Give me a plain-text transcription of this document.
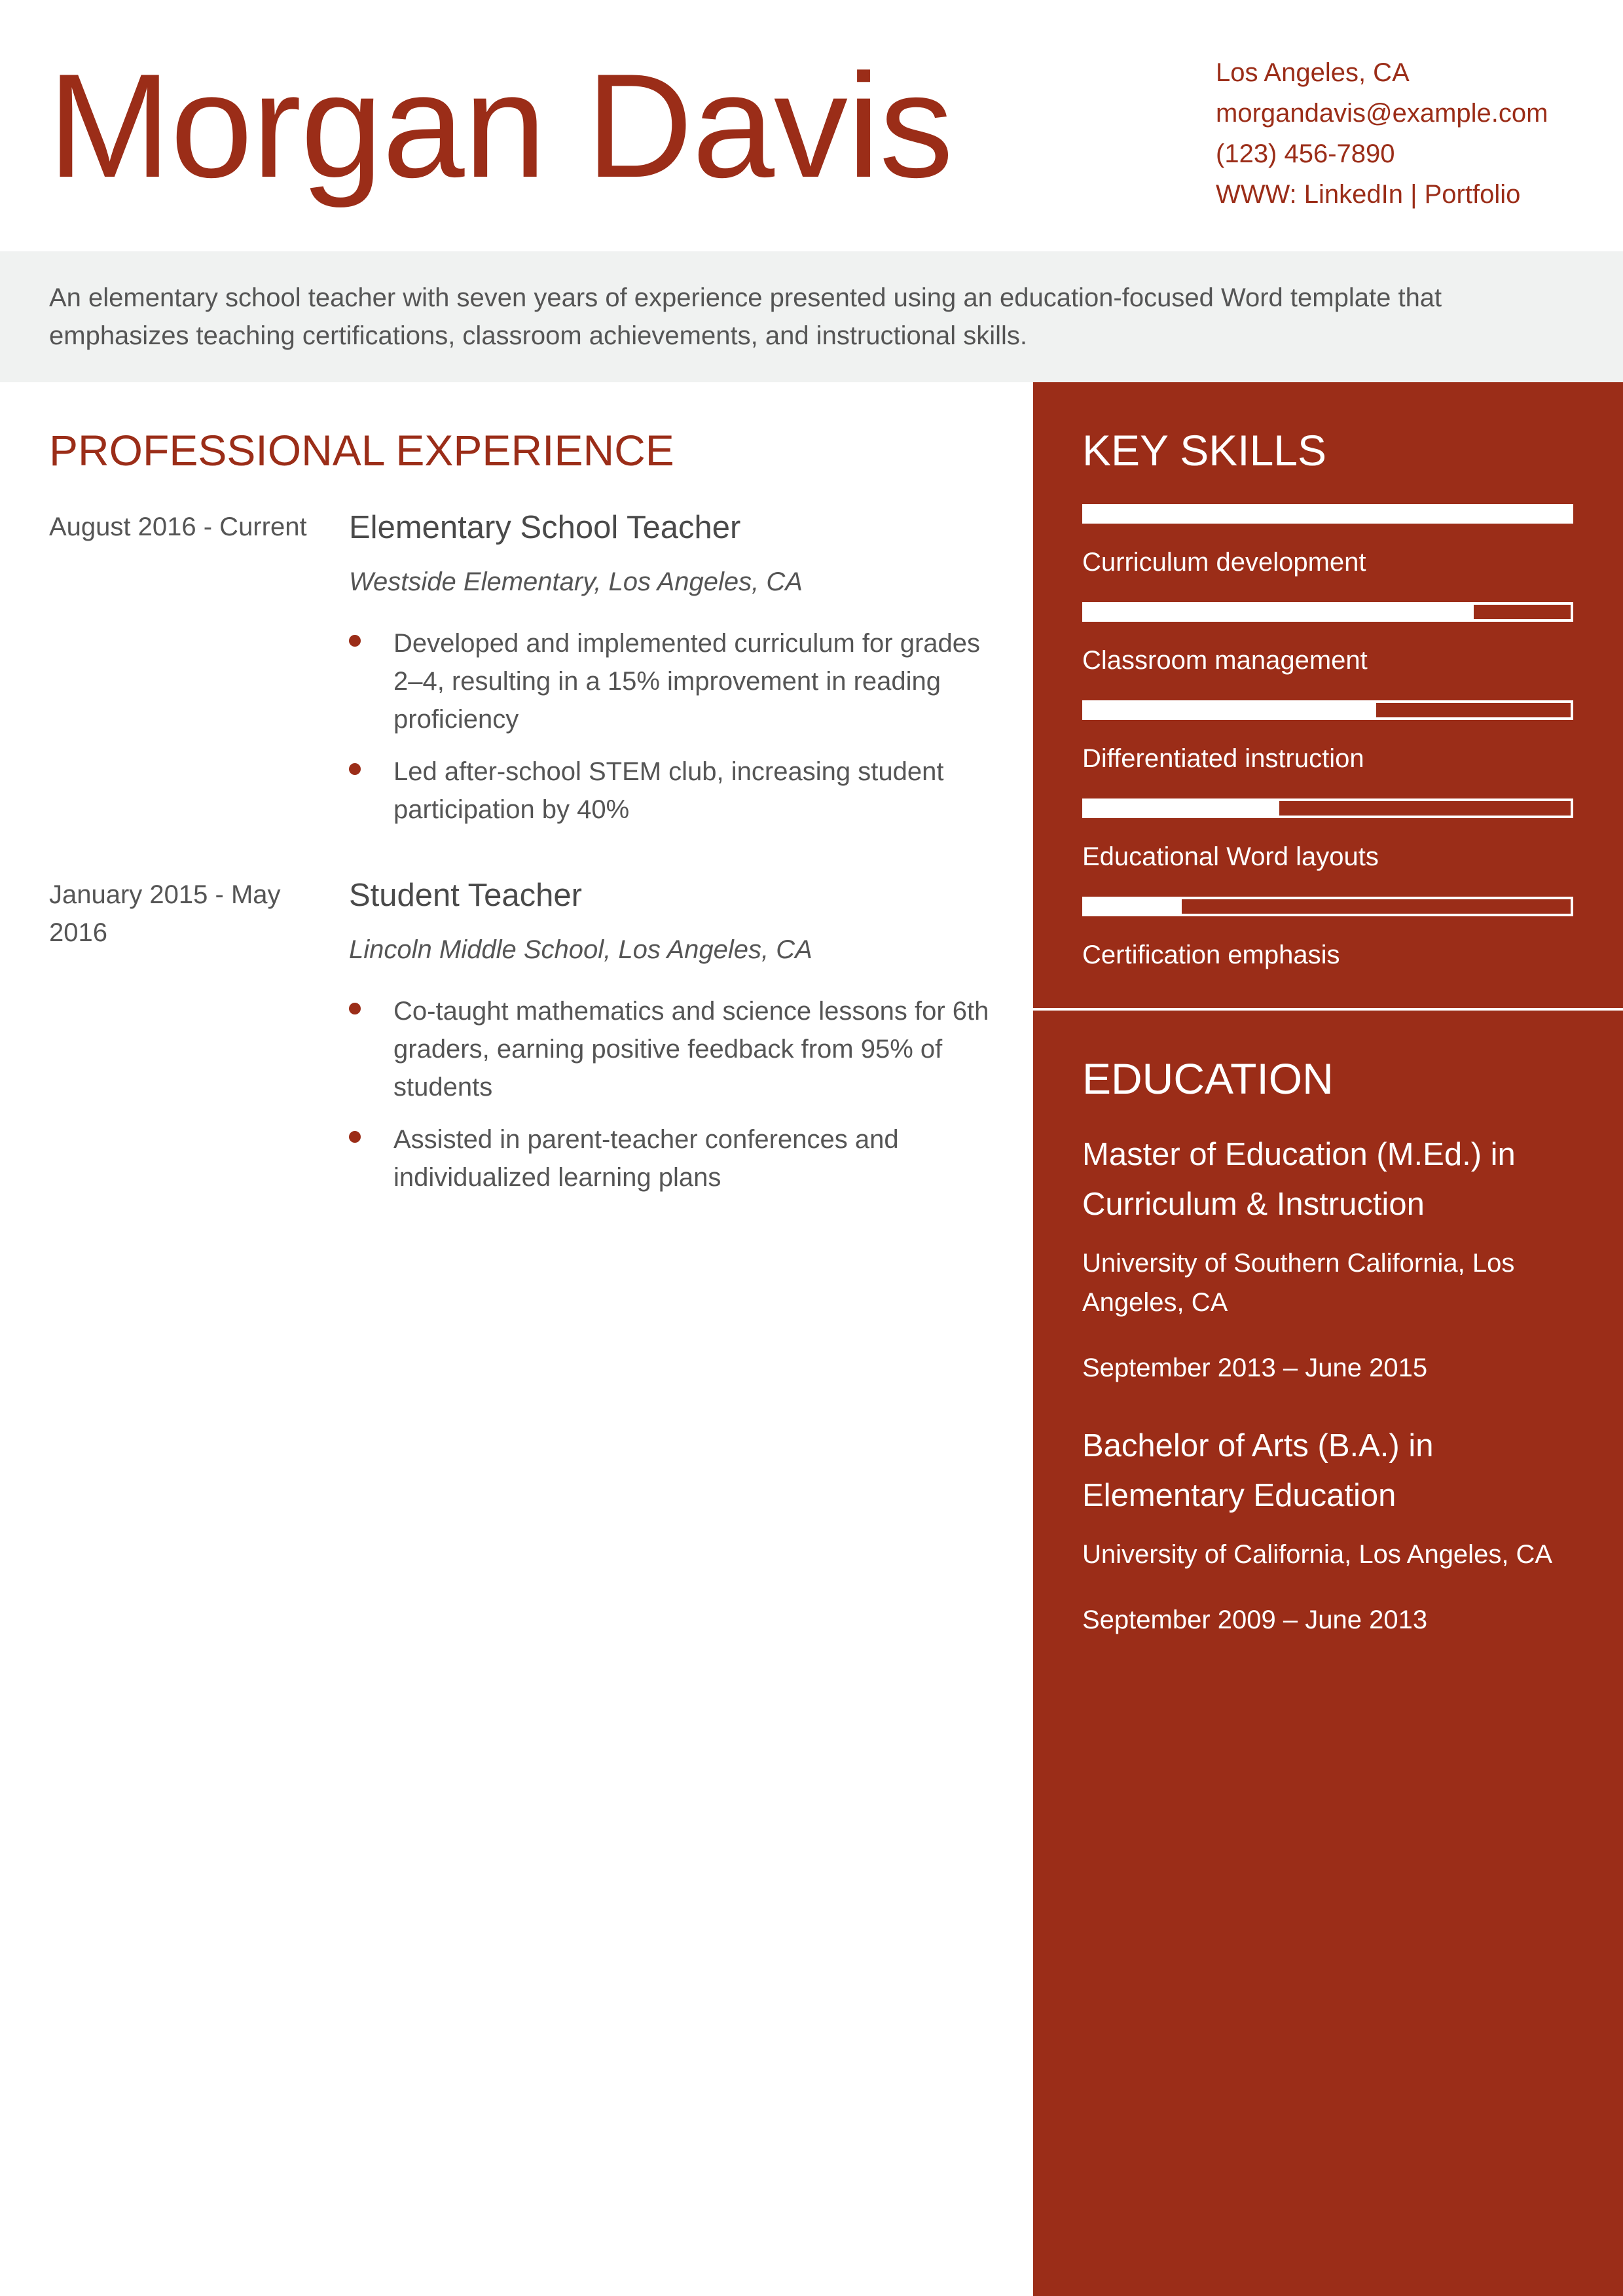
Morgan Davis	Los Angeles, CA
morgandavis@example.com
(123) 456-7890
WWW: LinkedIn | Portfolio
An elementary school teacher with seven years of experience presented using an education-focused Word template that emphasizes teaching certifications, classroom achievements, and instructional skills.
PROFESSIONAL EXPERIENCE
August 2016 - Current	Elementary School Teacher
Westside Elementary, Los Angeles, CA
Developed and implemented curriculum for grades 2–4, resulting in a 15% improvement in reading proficiency
Led after-school STEM club, increasing student participation by 40%
January 2015 - May 2016
Student Teacher
Lincoln Middle School, Los Angeles, CA
Co-taught mathematics and science lessons for 6th graders, earning positive feedback from 95% of students
Assisted in parent-teacher conferences and individualized learning plans
KEY SKILLS
Curriculum development
Classroom management
Differentiated instruction
Educational Word layouts
Certification emphasis
EDUCATION
Master of Education (M.Ed.) in Curriculum & Instruction
University of Southern California, Los Angeles, CA
September 2013 – June 2015
Bachelor of Arts (B.A.) in Elementary Education
University of California, Los Angeles, CA
September 2009 – June 2013
